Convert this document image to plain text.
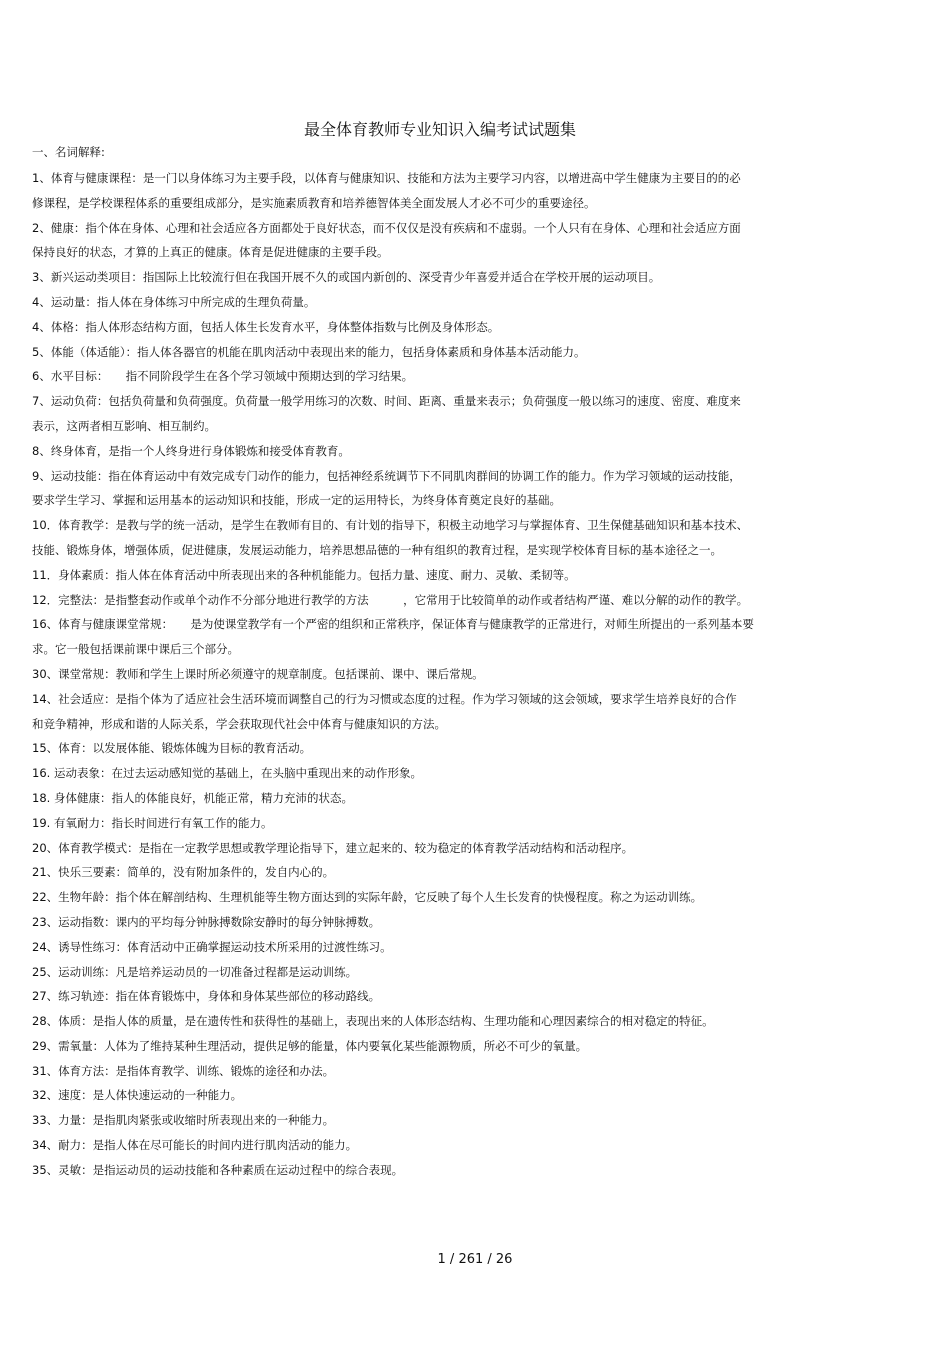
最全体育教师专业知识入编考试试题集
一、名词解释:
1、体育与健康课程：是一门以身体练习为主要手段，以体育与健康知识、技能和方法为主要学习内容，以增进高中学生健康为主要目的的必
修课程，是学校课程体系的重要组成部分，是实施素质教育和培养德智体美全面发展人才必不可少的重要途径。
2、健康：指个体在身体、心理和社会适应各方面都处于良好状态，而不仅仅是没有疾病和不虚弱。一个人只有在身体、心理和社会适应方面
保持良好的状态，才算的上真正的健康。体育是促进健康的主要手段。
3、新兴运动类项目：指国际上比较流行但在我国开展不久的或国内新创的、深受青少年喜爱并适合在学校开展的运动项目。
4、运动量：指人体在身体练习中所完成的生理负荷量。
4、体格：指人体形态结构方面，包括人体生长发育水平，身体整体指数与比例及身体形态。
5、体能（体适能）：指人体各器官的机能在肌肉活动中表现出来的能力，包括身体素质和身体基本活动能力。
6、水平目标：　　指不同阶段学生在各个学习领域中预期达到的学习结果。
7、运动负荷：包括负荷量和负荷强度。负荷量一般学用练习的次数、时间、距离、重量来表示；负荷强度一般以练习的速度、密度、难度来
表示，这两者相互影响、相互制约。
8、终身体育，是指一个人终身进行身体锻炼和接受体育教育。
9、运动技能：指在体育运动中有效完成专门动作的能力，包括神经系统调节下不同肌肉群间的协调工作的能力。作为学习领域的运动技能，
要求学生学习、掌握和运用基本的运动知识和技能，形成一定的运用特长，为终身体育奠定良好的基础。
10．体育教学：是教与学的统一活动，是学生在教师有目的、有计划的指导下，积极主动地学习与掌握体育、卫生保健基础知识和基本技术、
技能、锻炼身体，增强体质，促进健康，发展运动能力，培养思想品德的一种有组织的教育过程，是实现学校体育目标的基本途径之一。
11．身体素质：指人体在体育活动中所表现出来的各种机能能力。包括力量、速度、耐力、灵敏、柔韧等。
12．完整法：是指整套动作或单个动作不分部分地进行教学的方法　　　，它常用于比较简单的动作或者结构严谨、难以分解的动作的教学。
16、体育与健康课堂常规：　　是为使课堂教学有一个严密的组织和正常秩序，保证体育与健康教学的正常进行，对师生所提出的一系列基本要
求。它一般包括课前课中课后三个部分。
30、课堂常规：教师和学生上课时所必须遵守的规章制度。包括课前、课中、课后常规。
14、社会适应：是指个体为了适应社会生活环境而调整自己的行为习惯或态度的过程。作为学习领域的这会领域，要求学生培养良好的合作
和竞争精神，形成和谐的人际关系，学会获取现代社会中体育与健康知识的方法。
15、体育：以发展体能、锻炼体魄为目标的教育活动。
16. 运动表象：在过去运动感知觉的基础上，在头脑中重现出来的动作形象。
18. 身体健康：指人的体能良好，机能正常，精力充沛的状态。
19. 有氧耐力：指长时间进行有氧工作的能力。
20、体育教学模式：是指在一定教学思想或教学理论指导下，建立起来的、较为稳定的体育教学活动结构和活动程序。
21、快乐三要素：简单的，没有附加条件的，发自内心的。
22、生物年龄：指个体在解剖结构、生理机能等生物方面达到的实际年龄，它反映了每个人生长发育的快慢程度。称之为运动训练。
23、运动指数：课内的平均每分钟脉搏数除安静时的每分钟脉搏数。
24、诱导性练习：体育活动中正确掌握运动技术所采用的过渡性练习。
25、运动训练：凡是培养运动员的一切准备过程都是运动训练。
27、练习轨迹：指在体育锻炼中，身体和身体某些部位的移动路线。
28、体质：是指人体的质量，是在遗传性和获得性的基础上，表现出来的人体形态结构、生理功能和心理因素综合的相对稳定的特征。
29、需氧量：人体为了维持某种生理活动，提供足够的能量，体内要氧化某些能源物质，所必不可少的氧量。
31、体育方法：是指体育教学、训练、锻炼的途径和办法。
32、速度：是人体快速运动的一种能力。
33、力量：是指肌肉紧张或收缩时所表现出来的一种能力。
34、耐力：是指人体在尽可能长的时间内进行肌肉活动的能力。
35、灵敏：是指运动员的运动技能和各种素质在运动过程中的综合表现。
1 / 261 / 26
